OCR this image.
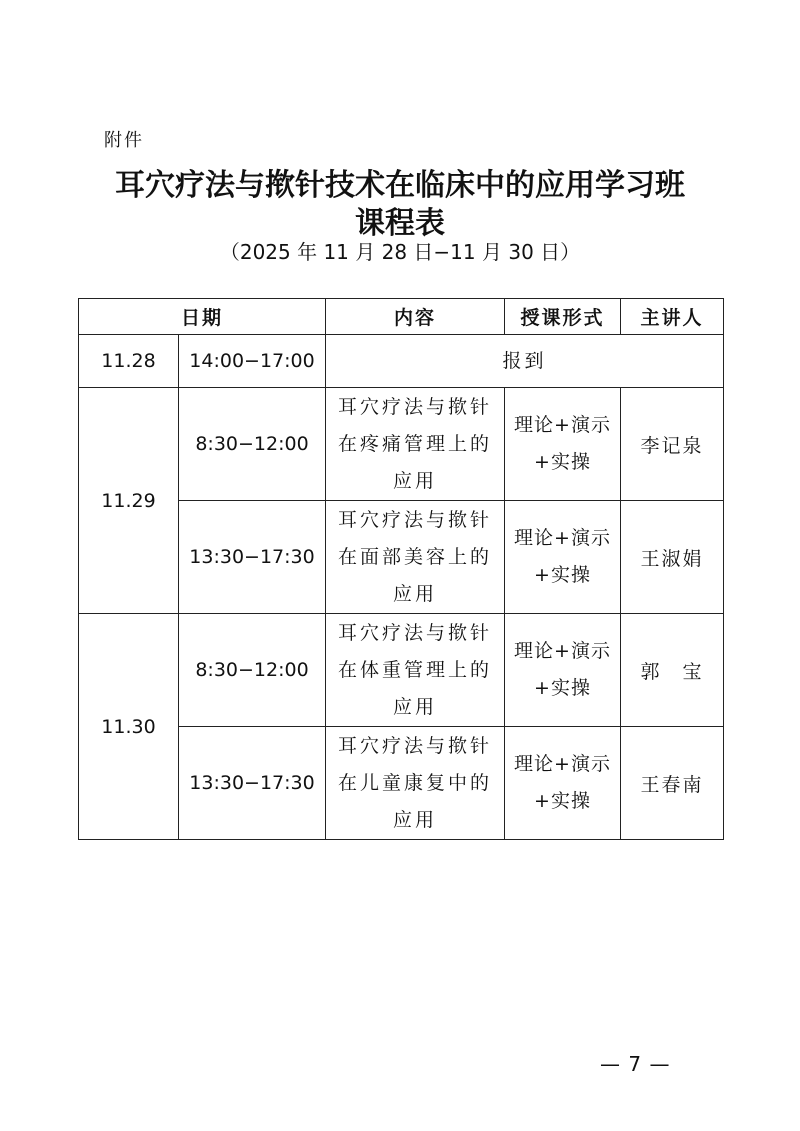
附件
耳穴疗法与揿针技术在临床中的应用学习班
课程表
（2025 年 11 月 28 日−11 月 30 日）
日期		内容	授课形式	主讲人
11.28	14:00−17:00	报到		
11.29	8:30−12:00	耳穴疗法与揿针在疼痛管理上的应用	理论+演示+实操	李记泉
	13:30−17:30	耳穴疗法与揿针在面部美容上的应用	理论+演示+实操	王淑娟
11.30	8:30−12:00	耳穴疗法与揿针在体重管理上的应用	理论+演示+实操	郭　宝
	13:30−17:30	耳穴疗法与揿针在儿童康复中的应用	理论+演示+实操	王春南
— 7 —
